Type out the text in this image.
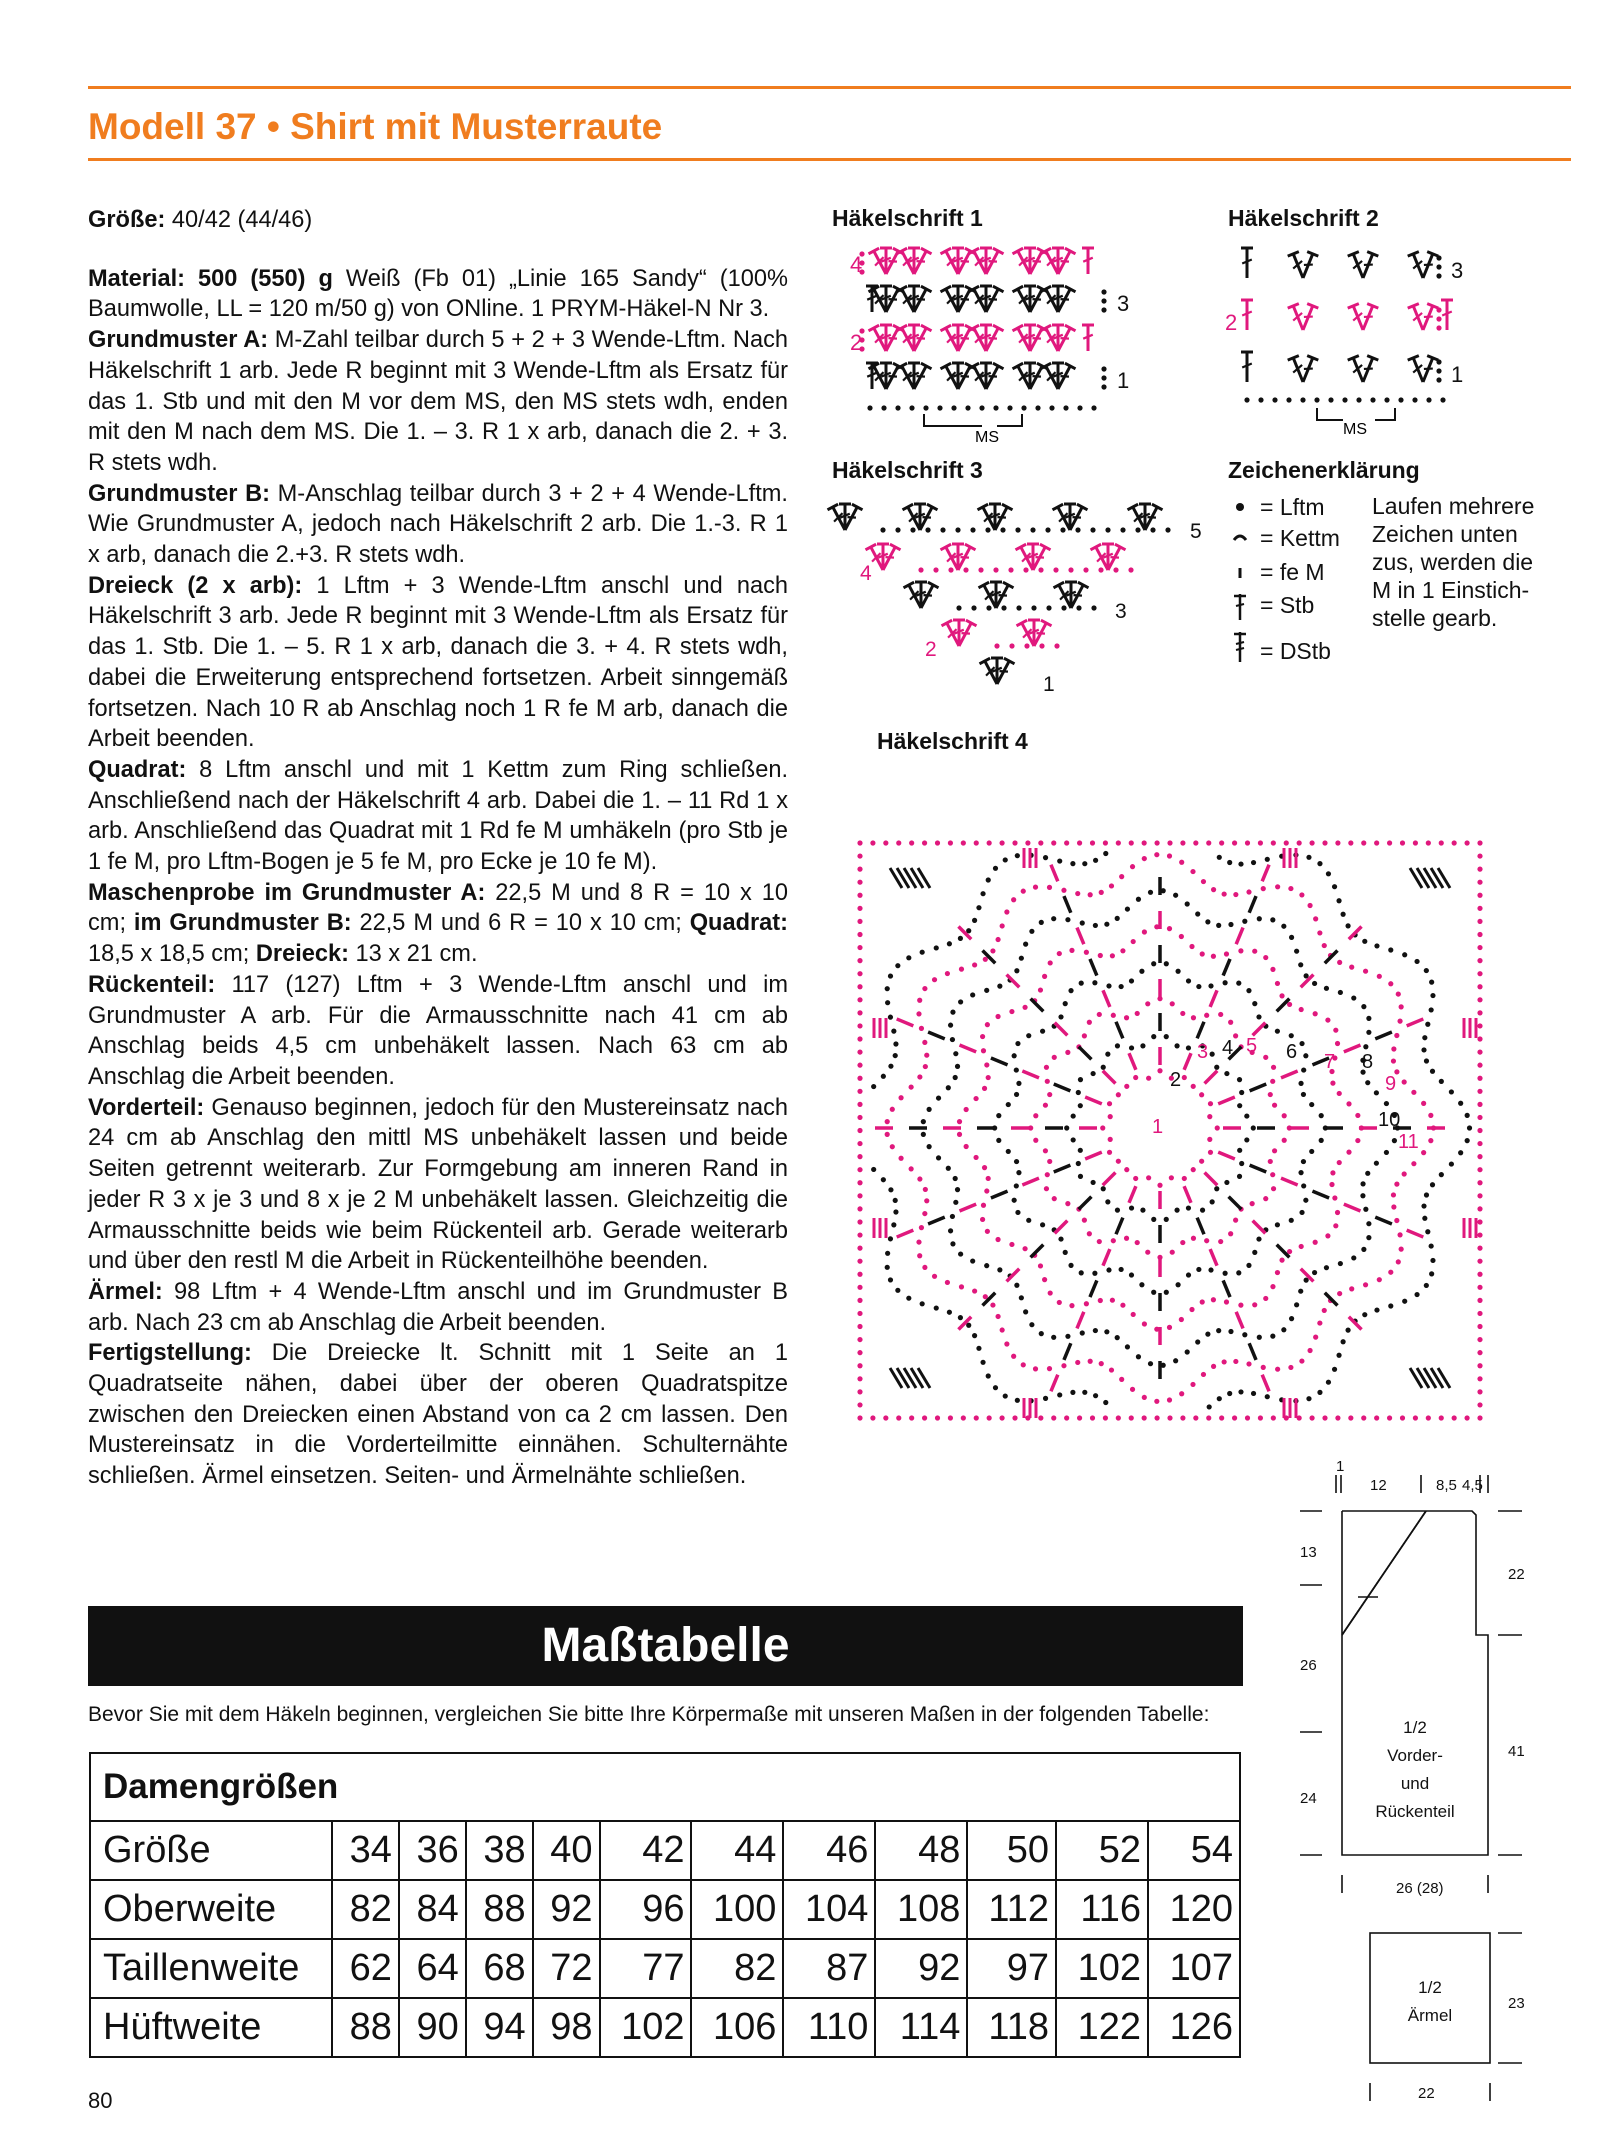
Modell 37 • Shirt mit Musterraute

Größe: 40/42 (44/46)

Material: 500 (550) g Weiß (Fb 01) „Linie 165 Sandy“ (100% Baumwolle, LL = 120 m/50 g) von ONline. 1 PRYM-Häkel-N Nr 3.

Grundmuster A: M-Zahl teilbar durch 5 + 2 + 3 Wende-Lftm. Nach Häkelschrift 1 arb. Jede R beginnt mit 3 Wende-Lftm als Ersatz für das 1. Stb und mit den M vor dem MS, den MS stets wdh, enden mit den M nach dem MS. Die 1. – 3. R 1 x arb, danach die 2. + 3. R stets wdh.

Grundmuster B: M-Anschlag teilbar durch 3 + 2 + 4 Wende-Lftm. Wie Grundmuster A, jedoch nach Häkelschrift 2 arb. Die 1.-3. R 1 x arb, danach die 2.+3. R stets wdh.

Dreieck (2 x arb): 1 Lftm + 3 Wende-Lftm anschl und nach Häkelschrift 3 arb. Jede R beginnt mit 3 Wende-Lftm als Ersatz für das 1. Stb. Die 1. – 5. R 1 x arb, danach die 3. + 4. R stets wdh, dabei die Erweiterung entsprechend fortsetzen. Arbeit sinngemäß fortsetzen. Nach 10 R ab Anschlag noch 1 R fe M arb, danach die Arbeit beenden.

Quadrat: 8 Lftm anschl und mit 1 Kettm zum Ring schließen. Anschließend nach der Häkelschrift 4 arb. Dabei die 1. – 11 Rd 1 x arb. Anschließend das Quadrat mit 1 Rd fe M umhäkeln (pro Stb je 1 fe M, pro Lftm-Bogen je 5 fe M, pro Ecke je 10 fe M).

Maschenprobe im Grundmuster A: 22,5 M und 8 R = 10 x 10 cm; im Grundmuster B: 22,5 M und 6 R = 10 x 10 cm; Quadrat: 18,5 x 18,5 cm; Dreieck: 13 x 21 cm.

Rückenteil: 117 (127) Lftm + 3 Wende-Lftm anschl und im Grundmuster A arb. Für die Armausschnitte nach 41 cm ab Anschlag beids 4,5 cm unbehäkelt lassen. Nach 63 cm ab Anschlag die Arbeit beenden.

Vorderteil: Genauso beginnen, jedoch für den Mustereinsatz nach 24 cm ab Anschlag den mittl MS unbehäkelt lassen und beide Seiten getrennt weiterarb. Zur Formgebung am inneren Rand in jeder R 3 x je 3 und 8 x je 2 M unbehäkelt lassen. Gleichzeitig die Armausschnitte beids wie beim Rückenteil arb. Gerade weiterarb und über den restl M die Arbeit in Rückenteilhöhe beenden.

Ärmel: 98 Lftm + 4 Wende-Lftm anschl und im Grundmuster B arb. Nach 23 cm ab Anschlag die Arbeit beenden.

Fertigstellung: Die Dreiecke lt. Schnitt mit 1 Seite an 1 Quadratseite nähen, dabei über der oberen Quadratspitze zwischen den Dreiecken einen Abstand von ca 2 cm lassen. Den Mustereinsatz in die Vorderteilmitte einnähen. Schulternähte schließen. Ärmel einsetzen. Seiten- und Ärmelnähte schließen.

Häkelschrift 1
4
3
2
1
MS
Häkelschrift 2
3
2
1
MS
Häkelschrift 3
5
4
3
2
1
Zeichenerklärung
= Lftm
= Kettm
= fe M
= Stb
= DStb
Laufen mehrere
Zeichen unten
zus, werden die
M in 1 Einstich-
stelle gearb.
Häkelschrift 4
1
2
3 4 5 6 7 8
9
10
11
1
12	8,5 4,5
13
26
24
22
41
26 (28)
23
22
1/2
Vorder-
und
Rückenteil
1/2
Ärmel
Maßtabelle
Bevor Sie mit dem Häkeln beginnen, vergleichen Sie bitte Ihre Körpermaße mit unseren Maßen in der folgenden Tabelle:
Damengrößen											
Größe	34	36	38	40	42	44	46	48	50	52	54
Oberweite	82	84	88	92	96	100	104	108	112	116	120
Taillenweite	62	64	68	72	77	82	87	92	97	102	107
Hüftweite	88	90	94	98	102	106	110	114	118	122	126
80
